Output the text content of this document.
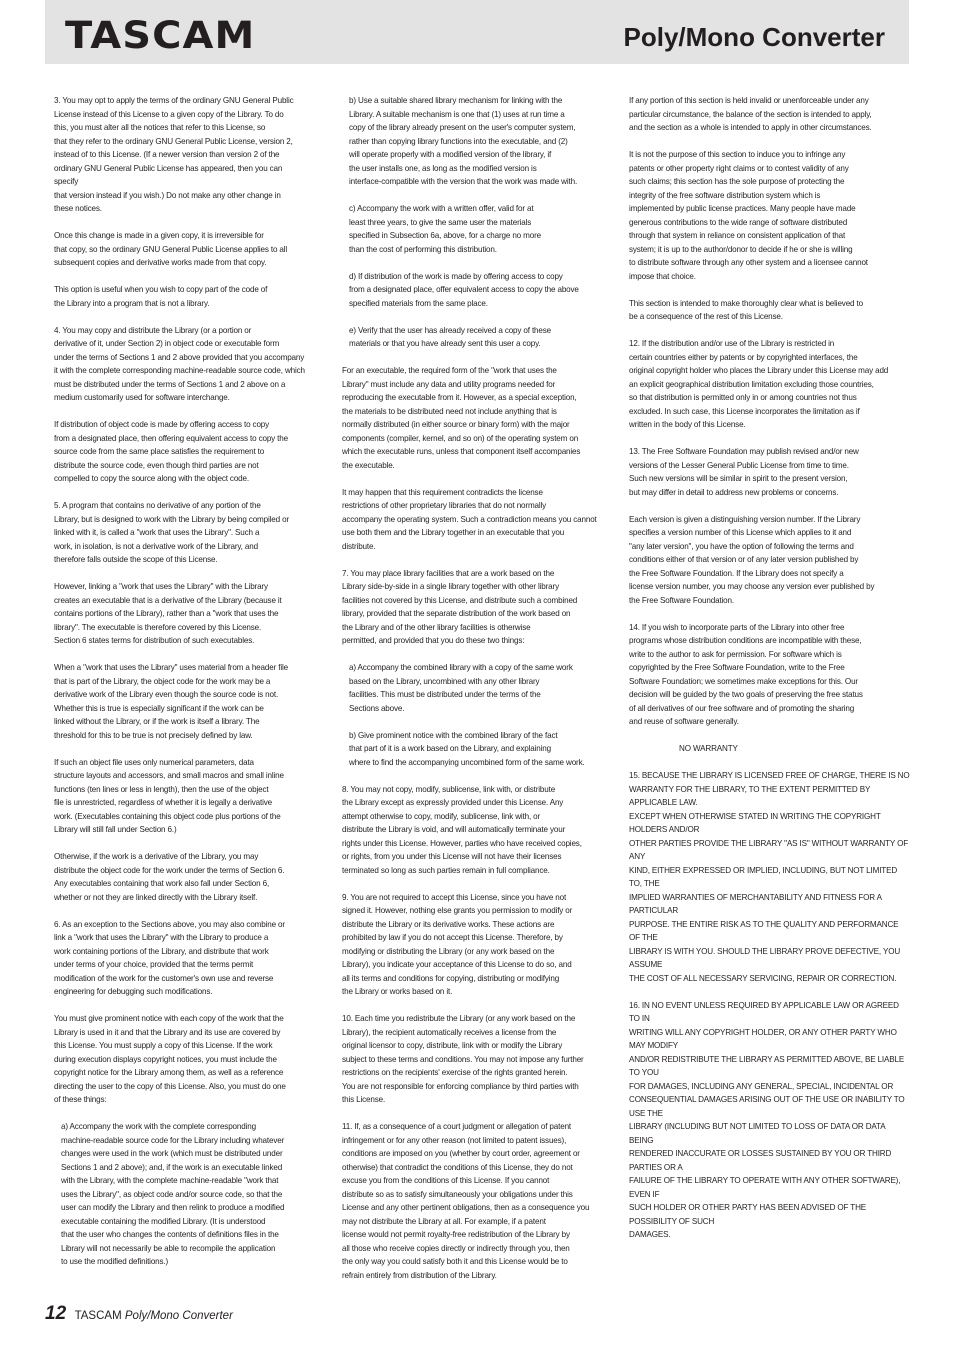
TASCAM	Poly/Mono Converter

3. You may opt to apply the terms of the ordinary GNU General Public
License instead of this License to a given copy of the Library. To do
this, you must alter all the notices that refer to this License, so
that they refer to the ordinary GNU General Public License, version 2,
instead of to this License. (If a newer version than version 2 of the
ordinary GNU General Public License has appeared, then you can specify
that version instead if you wish.) Do not make any other change in
these notices.

Once this change is made in a given copy, it is irreversible for
that copy, so the ordinary GNU General Public License applies to all
subsequent copies and derivative works made from that copy.

This option is useful when you wish to copy part of the code of
the Library into a program that is not a library.

4. You may copy and distribute the Library (or a portion or
derivative of it, under Section 2) in object code or executable form
under the terms of Sections 1 and 2 above provided that you accompany
it with the complete corresponding machine-readable source code, which
must be distributed under the terms of Sections 1 and 2 above on a
medium customarily used for software interchange.

If distribution of object code is made by offering access to copy
from a designated place, then offering equivalent access to copy the
source code from the same place satisfies the requirement to
distribute the source code, even though third parties are not
compelled to copy the source along with the object code.

5. A program that contains no derivative of any portion of the
Library, but is designed to work with the Library by being compiled or
linked with it, is called a "work that uses the Library". Such a
work, in isolation, is not a derivative work of the Library, and
therefore falls outside the scope of this License.

However, linking a "work that uses the Library" with the Library
creates an executable that is a derivative of the Library (because it
contains portions of the Library), rather than a "work that uses the
library". The executable is therefore covered by this License.
Section 6 states terms for distribution of such executables.

When a "work that uses the Library" uses material from a header file
that is part of the Library, the object code for the work may be a
derivative work of the Library even though the source code is not.
Whether this is true is especially significant if the work can be
linked without the Library, or if the work is itself a library. The
threshold for this to be true is not precisely defined by law.

If such an object file uses only numerical parameters, data
structure layouts and accessors, and small macros and small inline
functions (ten lines or less in length), then the use of the object
file is unrestricted, regardless of whether it is legally a derivative
work. (Executables containing this object code plus portions of the
Library will still fall under Section 6.)

Otherwise, if the work is a derivative of the Library, you may
distribute the object code for the work under the terms of Section 6.
Any executables containing that work also fall under Section 6,
whether or not they are linked directly with the Library itself.

6. As an exception to the Sections above, you may also combine or
link a "work that uses the Library" with the Library to produce a
work containing portions of the Library, and distribute that work
under terms of your choice, provided that the terms permit
modification of the work for the customer's own use and reverse
engineering for debugging such modifications.

You must give prominent notice with each copy of the work that the
Library is used in it and that the Library and its use are covered by
this License. You must supply a copy of this License. If the work
during execution displays copyright notices, you must include the
copyright notice for the Library among them, as well as a reference
directing the user to the copy of this License. Also, you must do one
of these things:

a) Accompany the work with the complete corresponding
machine-readable source code for the Library including whatever
changes were used in the work (which must be distributed under
Sections 1 and 2 above); and, if the work is an executable linked
with the Library, with the complete machine-readable "work that
uses the Library", as object code and/or source code, so that the
user can modify the Library and then relink to produce a modified
executable containing the modified Library. (It is understood
that the user who changes the contents of definitions files in the
Library will not necessarily be able to recompile the application
to use the modified definitions.)

b) Use a suitable shared library mechanism for linking with the
Library. A suitable mechanism is one that (1) uses at run time a
copy of the library already present on the user's computer system,
rather than copying library functions into the executable, and (2)
will operate properly with a modified version of the library, if
the user installs one, as long as the modified version is
interface-compatible with the version that the work was made with.

c) Accompany the work with a written offer, valid for at
least three years, to give the same user the materials
specified in Subsection 6a, above, for a charge no more
than the cost of performing this distribution.

d) If distribution of the work is made by offering access to copy
from a designated place, offer equivalent access to copy the above
specified materials from the same place.

e) Verify that the user has already received a copy of these
materials or that you have already sent this user a copy.

For an executable, the required form of the "work that uses the
Library" must include any data and utility programs needed for
reproducing the executable from it. However, as a special exception,
the materials to be distributed need not include anything that is
normally distributed (in either source or binary form) with the major
components (compiler, kernel, and so on) of the operating system on
which the executable runs, unless that component itself accompanies
the executable.

It may happen that this requirement contradicts the license
restrictions of other proprietary libraries that do not normally
accompany the operating system. Such a contradiction means you cannot
use both them and the Library together in an executable that you
distribute.

7. You may place library facilities that are a work based on the
Library side-by-side in a single library together with other library
facilities not covered by this License, and distribute such a combined
library, provided that the separate distribution of the work based on
the Library and of the other library facilities is otherwise
permitted, and provided that you do these two things:

a) Accompany the combined library with a copy of the same work
based on the Library, uncombined with any other library
facilities. This must be distributed under the terms of the
Sections above.

b) Give prominent notice with the combined library of the fact
that part of it is a work based on the Library, and explaining
where to find the accompanying uncombined form of the same work.

8. You may not copy, modify, sublicense, link with, or distribute
the Library except as expressly provided under this License. Any
attempt otherwise to copy, modify, sublicense, link with, or
distribute the Library is void, and will automatically terminate your
rights under this License. However, parties who have received copies,
or rights, from you under this License will not have their licenses
terminated so long as such parties remain in full compliance.

9. You are not required to accept this License, since you have not
signed it. However, nothing else grants you permission to modify or
distribute the Library or its derivative works. These actions are
prohibited by law if you do not accept this License. Therefore, by
modifying or distributing the Library (or any work based on the
Library), you indicate your acceptance of this License to do so, and
all its terms and conditions for copying, distributing or modifying
the Library or works based on it.

10. Each time you redistribute the Library (or any work based on the
Library), the recipient automatically receives a license from the
original licensor to copy, distribute, link with or modify the Library
subject to these terms and conditions. You may not impose any further
restrictions on the recipients' exercise of the rights granted herein.
You are not responsible for enforcing compliance by third parties with
this License.

11. If, as a consequence of a court judgment or allegation of patent
infringement or for any other reason (not limited to patent issues),
conditions are imposed on you (whether by court order, agreement or
otherwise) that contradict the conditions of this License, they do not
excuse you from the conditions of this License. If you cannot
distribute so as to satisfy simultaneously your obligations under this
License and any other pertinent obligations, then as a consequence you
may not distribute the Library at all. For example, if a patent
license would not permit royalty-free redistribution of the Library by
all those who receive copies directly or indirectly through you, then
the only way you could satisfy both it and this License would be to
refrain entirely from distribution of the Library.

If any portion of this section is held invalid or unenforceable under any
particular circumstance, the balance of the section is intended to apply,
and the section as a whole is intended to apply in other circumstances.

It is not the purpose of this section to induce you to infringe any
patents or other property right claims or to contest validity of any
such claims; this section has the sole purpose of protecting the
integrity of the free software distribution system which is
implemented by public license practices. Many people have made
generous contributions to the wide range of software distributed
through that system in reliance on consistent application of that
system; it is up to the author/donor to decide if he or she is willing
to distribute software through any other system and a licensee cannot
impose that choice.

This section is intended to make thoroughly clear what is believed to
be a consequence of the rest of this License.

12. If the distribution and/or use of the Library is restricted in
certain countries either by patents or by copyrighted interfaces, the
original copyright holder who places the Library under this License may add
an explicit geographical distribution limitation excluding those countries,
so that distribution is permitted only in or among countries not thus
excluded. In such case, this License incorporates the limitation as if
written in the body of this License.

13. The Free Software Foundation may publish revised and/or new
versions of the Lesser General Public License from time to time.
Such new versions will be similar in spirit to the present version,
but may differ in detail to address new problems or concerns.

Each version is given a distinguishing version number. If the Library
specifies a version number of this License which applies to it and
"any later version", you have the option of following the terms and
conditions either of that version or of any later version published by
the Free Software Foundation. If the Library does not specify a
license version number, you may choose any version ever published by
the Free Software Foundation.

14. If you wish to incorporate parts of the Library into other free
programs whose distribution conditions are incompatible with these,
write to the author to ask for permission. For software which is
copyrighted by the Free Software Foundation, write to the Free
Software Foundation; we sometimes make exceptions for this. Our
decision will be guided by the two goals of preserving the free status
of all derivatives of our free software and of promoting the sharing
and reuse of software generally.

NO WARRANTY

15. BECAUSE THE LIBRARY IS LICENSED FREE OF CHARGE, THERE IS NO
WARRANTY FOR THE LIBRARY, TO THE EXTENT PERMITTED BY APPLICABLE LAW.
EXCEPT WHEN OTHERWISE STATED IN WRITING THE COPYRIGHT HOLDERS AND/OR
OTHER PARTIES PROVIDE THE LIBRARY "AS IS" WITHOUT WARRANTY OF ANY
KIND, EITHER EXPRESSED OR IMPLIED, INCLUDING, BUT NOT LIMITED TO, THE
IMPLIED WARRANTIES OF MERCHANTABILITY AND FITNESS FOR A PARTICULAR
PURPOSE. THE ENTIRE RISK AS TO THE QUALITY AND PERFORMANCE OF THE
LIBRARY IS WITH YOU. SHOULD THE LIBRARY PROVE DEFECTIVE, YOU ASSUME
THE COST OF ALL NECESSARY SERVICING, REPAIR OR CORRECTION.

16. IN NO EVENT UNLESS REQUIRED BY APPLICABLE LAW OR AGREED TO IN
WRITING WILL ANY COPYRIGHT HOLDER, OR ANY OTHER PARTY WHO MAY MODIFY
AND/OR REDISTRIBUTE THE LIBRARY AS PERMITTED ABOVE, BE LIABLE TO YOU
FOR DAMAGES, INCLUDING ANY GENERAL, SPECIAL, INCIDENTAL OR
CONSEQUENTIAL DAMAGES ARISING OUT OF THE USE OR INABILITY TO USE THE
LIBRARY (INCLUDING BUT NOT LIMITED TO LOSS OF DATA OR DATA BEING
RENDERED INACCURATE OR LOSSES SUSTAINED BY YOU OR THIRD PARTIES OR A
FAILURE OF THE LIBRARY TO OPERATE WITH ANY OTHER SOFTWARE), EVEN IF
SUCH HOLDER OR OTHER PARTY HAS BEEN ADVISED OF THE POSSIBILITY OF SUCH
DAMAGES.

12 TASCAM Poly/Mono Converter
